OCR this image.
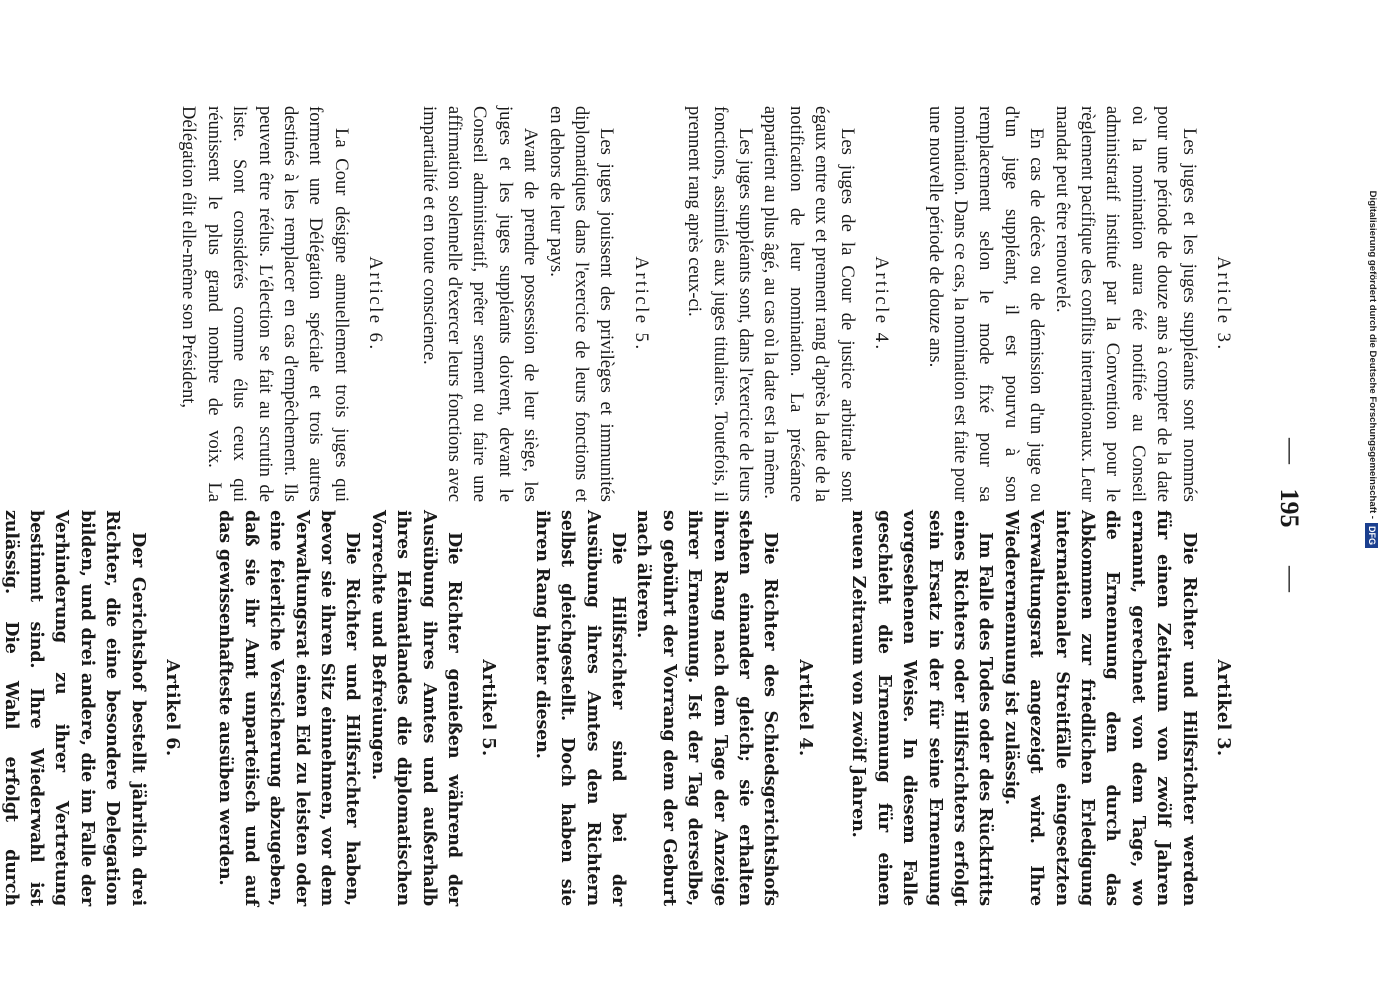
—
195
—
Article 3.

Les juges et les juges suppléants sont nommés pour une période de douze ans à compter de la date où la nomination aura été notifiée au Conseil administratif institué par la Convention pour le règlement pacifique des conflits internationaux. Leur mandat peut être renouvelé.

En cas de décès ou de démission d'un juge ou d'un juge suppléant, il est pourvu à son remplacement selon le mode fixé pour sa nomination. Dans ce cas, la nomination est faite pour une nouvelle période de douze ans.

Article 4.

Les juges de la Cour de justice arbitrale sont égaux entre eux et prennent rang d'après la date de la notification de leur nomination. La préséance appartient au plus âgé, au cas où la date est la même.

Les juges suppléants sont, dans l'exercice de leurs fonctions, assimilés aux juges titulaires. Toutefois, il prennent rang après ceux-ci.

Article 5.

Les juges jouissent des privilèges et immunités diplomatiques dans l'exercice de leurs fonctions et en dehors de leur pays.

Avant de prendre possession de leur siège, les juges et les juges suppléants doivent, devant le Conseil administratif, prêter serment ou faire une affirmation solennelle d'exercer leurs fonctions avec impartialité et en toute conscience.

Article 6.

La Cour désigne annuellement trois juges qui forment une Délégation spéciale et trois autres destinés à les remplacer en cas d'empêchement. Ils peuvent être réélus. L'élection se fait au scrutin de liste. Sont considérés comme élus ceux qui réunissent le plus grand nombre de voix. La Délégation élit elle-même son Président,

Artikel 3.

Die Richter und Hilfsrichter werden für einen Zeitraum von zwölf Jahren ernannt, gerechnet von dem Tage, wo die Ernennung dem durch das Abkommen zur friedlichen Erledigung internationaler Streitfälle eingesetzten Verwaltungsrat angezeigt wird. Ihre Wiederernennung ist zulässig.

Im Falle des Todes oder des Rücktritts eines Richters oder Hilfsrichters erfolgt sein Ersatz in der für seine Ernennung vorgesehenen Weise. In diesem Falle geschieht die Ernennung für einen neuen Zeitraum von zwölf Jahren.

Artikel 4.

Die Richter des Schiedsgerichtshofs stehen einander gleich; sie erhalten ihren Rang nach dem Tage der Anzeige ihrer Ernennung. Ist der Tag derselbe, so gebührt der Vorrang dem der Geburt nach älteren.

Die Hilfsrichter sind bei der Ausübung ihres Amtes den Richtern selbst gleichgestellt. Doch haben sie ihren Rang hinter diesen.

Artikel 5.

Die Richter genießen während der Ausübung ihres Amtes und außerhalb ihres Heimatlandes die diplomatischen Vorrechte und Befreiungen.

Die Richter und Hilfsrichter haben, bevor sie ihren Sitz einnehmen, vor dem Verwaltungsrat einen Eid zu leisten oder eine feierliche Versicherung abzugeben, daß sie ihr Amt unparteiisch und auf das gewissenhafteste ausüben werden.

Artikel 6.

Der Gerichtshof bestellt jährlich drei Richter, die eine besondere Delegation bilden, und drei andere, die im Falle der Verhinderung zu ihrer Vertretung bestimmt sind. Ihre Wiederwahl ist zulässig. Die Wahl erfolgt durch

Digitalisierung gefördert durch die Deutsche Forschungsgemeinschaft -
DFG
